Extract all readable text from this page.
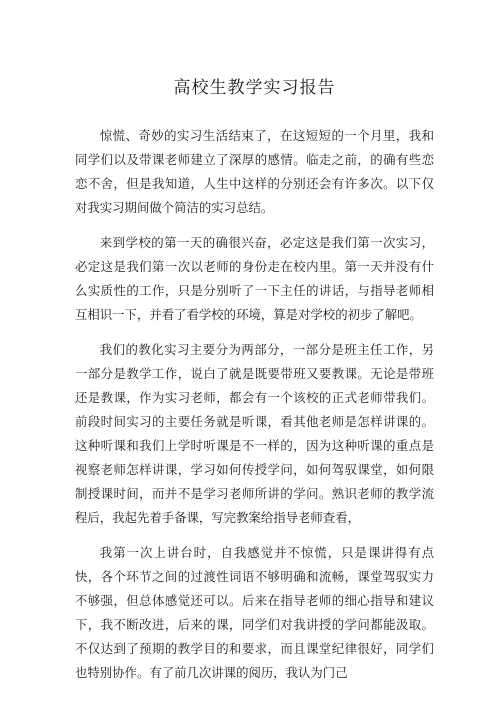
高校生教学实习报告

惊慌、奇妙的实习生活结束了，在这短短的一个月里，我和同学们以及带课老师建立了深厚的感情。临走之前，的确有些恋恋不舍，但是我知道，人生中这样的分别还会有许多次。以下仅对我实习期间做个简洁的实习总结。

来到学校的第一天的确很兴奋，必定这是我们第一次实习，必定这是我们第一次以老师的身份走在校内里。第一天并没有什么实质性的工作，只是分别听了一下主任的讲话，与指导老师相互相识一下，并看了看学校的环境，算是对学校的初步了解吧。

我们的教化实习主要分为两部分，一部分是班主任工作，另一部分是教学工作，说白了就是既要带班又要教课。无论是带班还是教课，作为实习老师，都会有一个该校的正式老师带我们。前段时间实习的主要任务就是听课，看其他老师是怎样讲课的。这种听课和我们上学时听课是不一样的，因为这种听课的重点是视察老师怎样讲课，学习如何传授学问，如何驾驭课堂，如何限制授课时间，而并不是学习老师所讲的学问。熟识老师的教学流程后，我起先着手备课，写完教案给指导老师查看，

我第一次上讲台时，自我感觉并不惊慌，只是课讲得有点快，各个环节之间的过渡性词语不够明确和流畅，课堂驾驭实力不够强，但总体感觉还可以。后来在指导老师的细心指导和建议下，我不断改进，后来的课，同学们对我讲授的学问都能汲取。不仅达到了预期的教学目的和要求，而且课堂纪律很好，同学们也特别协作。有了前几次讲课的阅历，我认为门己
